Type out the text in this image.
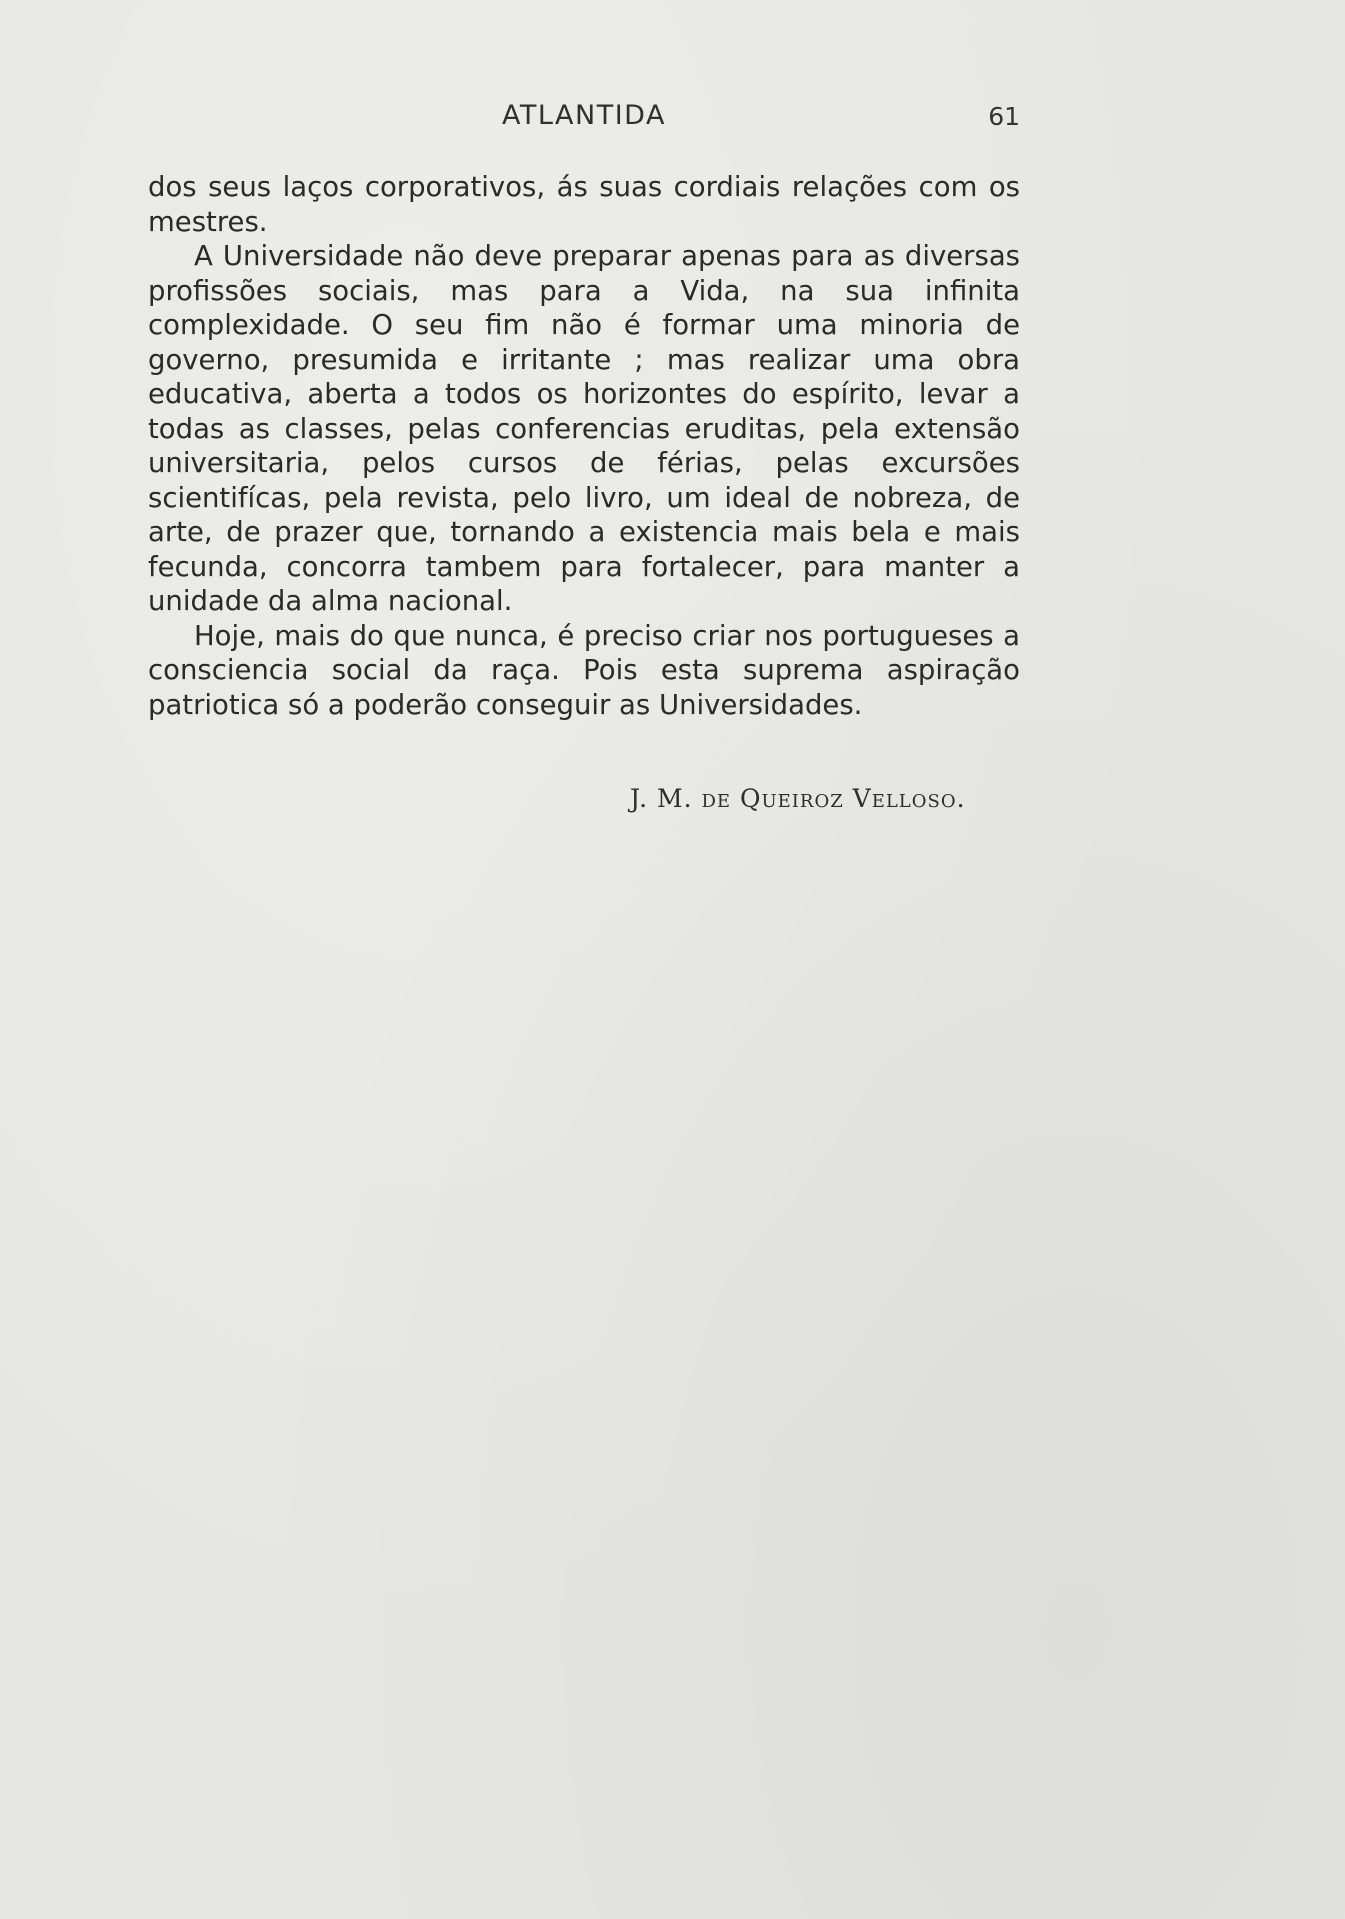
ATLANTIDA	61

dos seus laços corporativos, ás suas cordiais relações com os mestres.

A Universidade não deve preparar apenas para as diversas profissões sociais, mas para a Vida, na sua infinita complexidade. O seu fim não é formar uma minoria de governo, presumida e irritante ; mas realizar uma obra educativa, aberta a todos os horizontes do espírito, levar a todas as classes, pelas conferencias eruditas, pela extensão universitaria, pelos cursos de férias, pelas excursões scientifícas, pela revista, pelo livro, um ideal de nobreza, de arte, de prazer que, tornando a existencia mais bela e mais fecunda, concorra tambem para fortalecer, para manter a unidade da alma nacional.

Hoje, mais do que nunca, é preciso criar nos portugueses a consciencia social da raça. Pois esta suprema aspiração patriotica só a poderão conseguir as Universidades.

J. M. de Queiroz Velloso.
